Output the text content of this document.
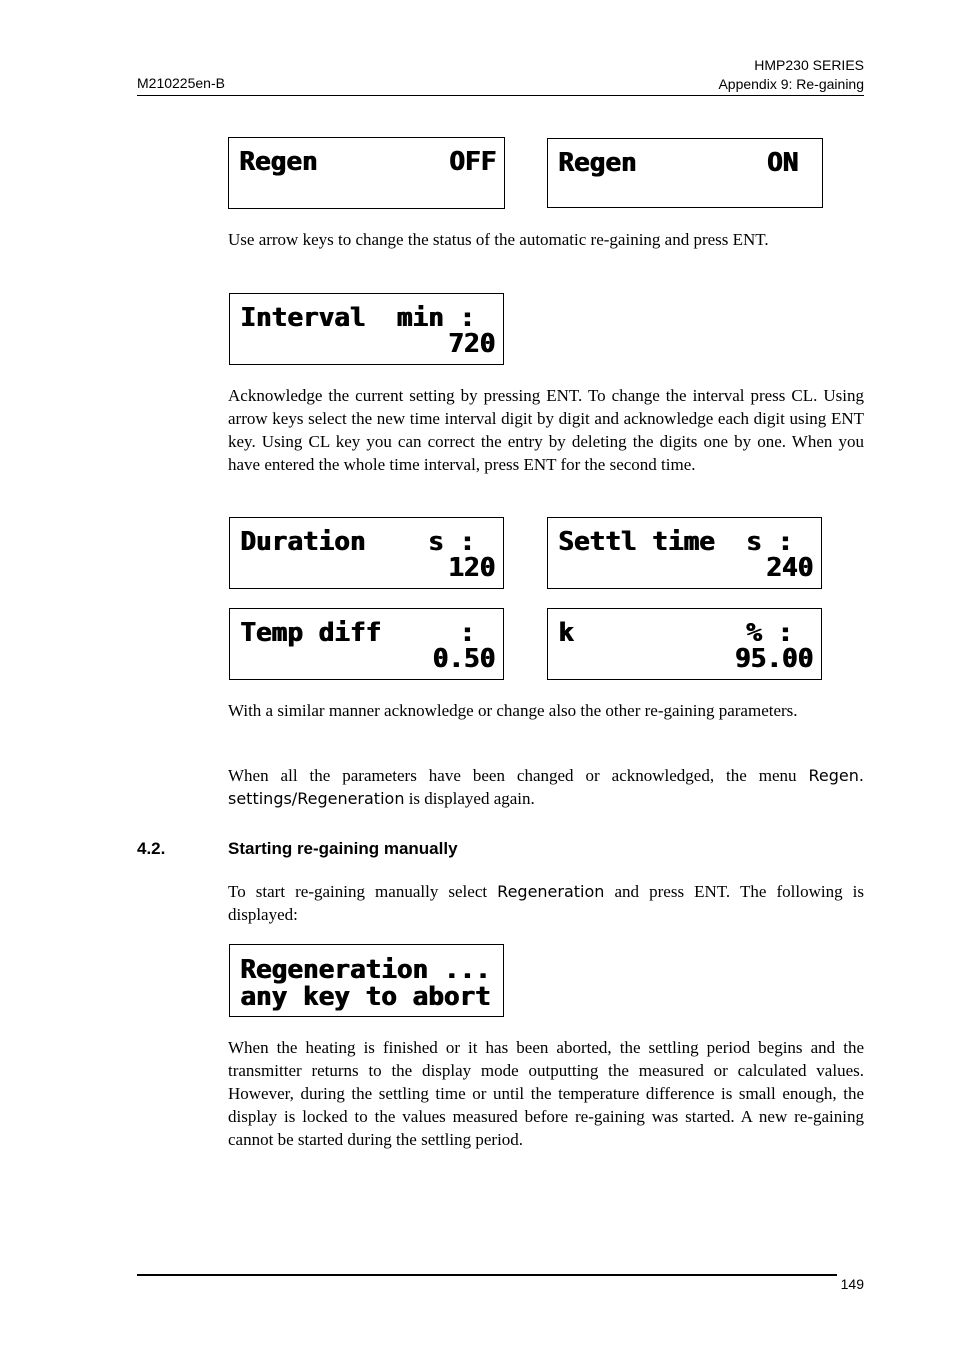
M210225en-B
HMP230 SERIES
Appendix 9: Re-gaining

Regen

	OFF

Regen

	ON

Use arrow keys to change the status of the automatic re-gaining and press ENT.

Interval  min :

720

Acknowledge the current setting by pressing ENT. To change the interval press CL. Using arrow keys select the new time interval digit by digit and acknowledge each digit using ENT key. Using CL key you can correct the entry by deleting the digits one by one. When you have entered the whole time interval, press ENT for the second time.

Duration    s :

120

Settl time  s :

240

Temp diff     :

0.50

k           % :

95.00

With a similar manner acknowledge or change also the other re-gaining parameters.
When all the parameters have been changed or acknowledged, the menu Regen. settings/Regeneration is displayed again.
4.2.	Starting re-gaining manually
To start re-gaining manually select Regeneration and press ENT. The following is displayed:

Regeneration ...

any key to abort

When the heating is finished or it has been aborted, the settling period begins and the transmitter returns to the display mode outputting the measured or calculated values. However, during the settling time or until the temperature difference is small enough, the display is locked to the values measured before re-gaining was started. A new re-gaining cannot be started during the settling period.
149
